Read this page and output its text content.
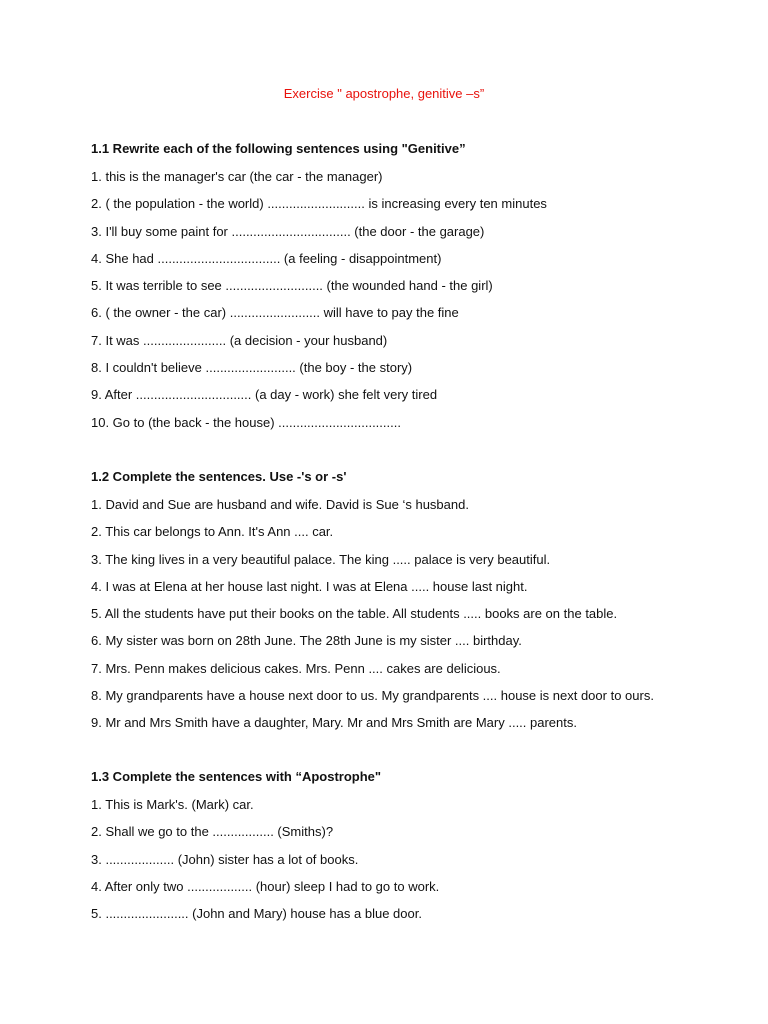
Exercise " apostrophe, genitive –s”
1.1 Rewrite each of the following sentences using "Genitive”
1. this is the manager's car (the car - the manager)
2. ( the population - the world) ........................... is increasing every ten minutes
3. I'll buy some paint for ................................. (the door - the garage)
4. She had .................................. (a feeling - disappointment)
5. It was terrible to see ........................... (the wounded hand - the girl)
6. ( the owner - the car) ......................... will have to pay the fine
7. It was ....................... (a decision - your husband)
8. I couldn't believe ......................... (the boy - the story)
9. After ................................ (a day - work) she felt very tired
10. Go to (the back - the house) ..................................
1.2 Complete the sentences. Use -'s or -s'
1. David and Sue are husband and wife. David is Sue ‘s husband.
2. This car belongs to Ann. It's Ann .... car.
3. The king lives in a very beautiful palace. The king ..... palace is very beautiful.
4. I was at Elena at her house last night. I was at Elena ..... house last night.
5. All the students have put their books on the table. All students ..... books are on the table.
6. My sister was born on 28th June. The 28th June is my sister .... birthday.
7. Mrs. Penn makes delicious cakes. Mrs. Penn .... cakes are delicious.
8. My grandparents have a house next door to us. My grandparents .... house is next door to ours.
9. Mr and Mrs Smith have a daughter, Mary. Mr and Mrs Smith are Mary ..... parents.
1.3 Complete the sentences with “Apostrophe"
1. This is Mark's. (Mark) car.
2. Shall we go to the ................. (Smiths)?
3. ................... (John) sister has a lot of books.
4. After only two .................. (hour) sleep I had to go to work.
5. ....................... (John and Mary) house has a blue door.
